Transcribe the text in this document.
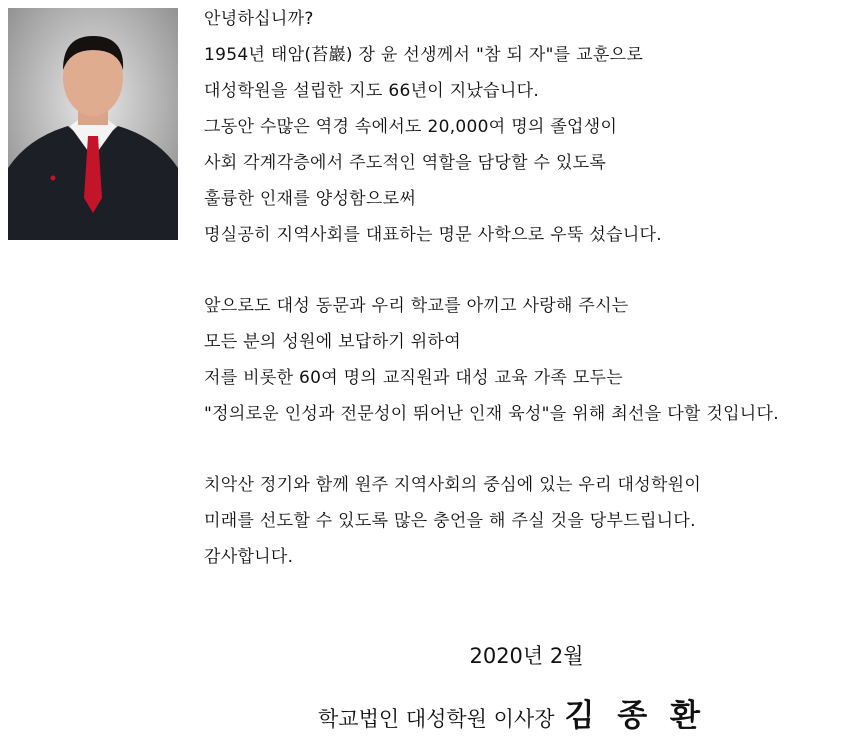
안녕하십니까?
1954년 태암(苔巖) 장 윤 선생께서 "참 되 자"를 교훈으로
대성학원을 설립한 지도 66년이 지났습니다.
그동안 수많은 역경 속에서도 20,000여 명의 졸업생이
사회 각계각층에서 주도적인 역할을 담당할 수 있도록
훌륭한 인재를 양성함으로써
명실공히 지역사회를 대표하는 명문 사학으로 우뚝 섰습니다.
앞으로도 대성 동문과 우리 학교를 아끼고 사랑해 주시는
모든 분의 성원에 보답하기 위하여
저를 비롯한 60여 명의 교직원과 대성 교육 가족 모두는
"정의로운 인성과 전문성이 뛰어난 인재 육성"을 위해 최선을 다할 것입니다.
치악산 정기와 함께 원주 지역사회의 중심에 있는 우리 대성학원이
미래를 선도할 수 있도록 많은 충언을 해 주실 것을 당부드립니다.
감사합니다.
2020년 2월
학교법인 대성학원 이사장 김 종 환
